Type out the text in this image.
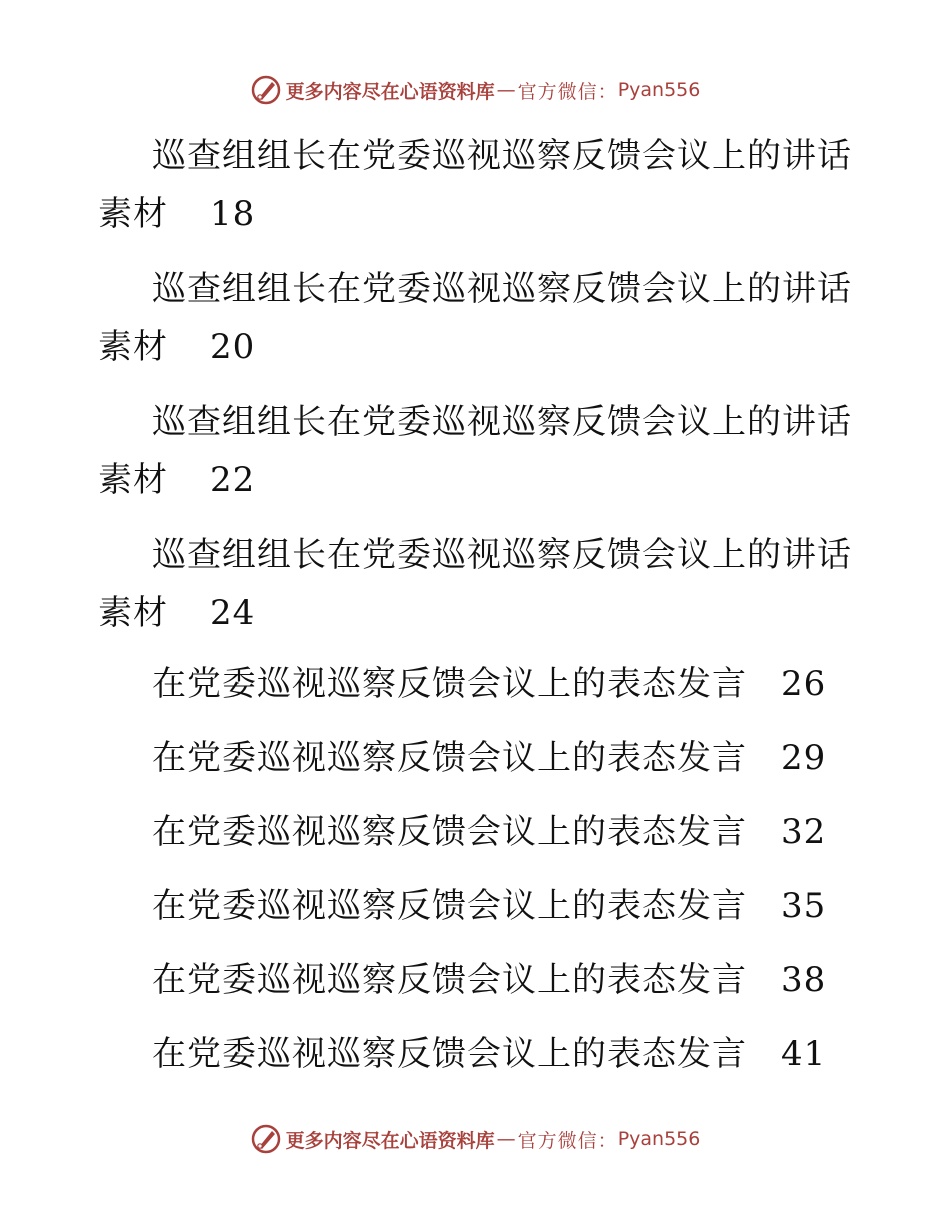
更多内容尽在心语资料库 — 官方微信： Pyan556
巡查组组长在党委巡视巡察反馈会议上的讲话
素材 18
巡查组组长在党委巡视巡察反馈会议上的讲话
素材 20
巡查组组长在党委巡视巡察反馈会议上的讲话
素材 22
巡查组组长在党委巡视巡察反馈会议上的讲话
素材 24
在党委巡视巡察反馈会议上的表态发言 26
在党委巡视巡察反馈会议上的表态发言 29
在党委巡视巡察反馈会议上的表态发言 32
在党委巡视巡察反馈会议上的表态发言 35
在党委巡视巡察反馈会议上的表态发言 38
在党委巡视巡察反馈会议上的表态发言 41
更多内容尽在心语资料库 — 官方微信： Pyan556
